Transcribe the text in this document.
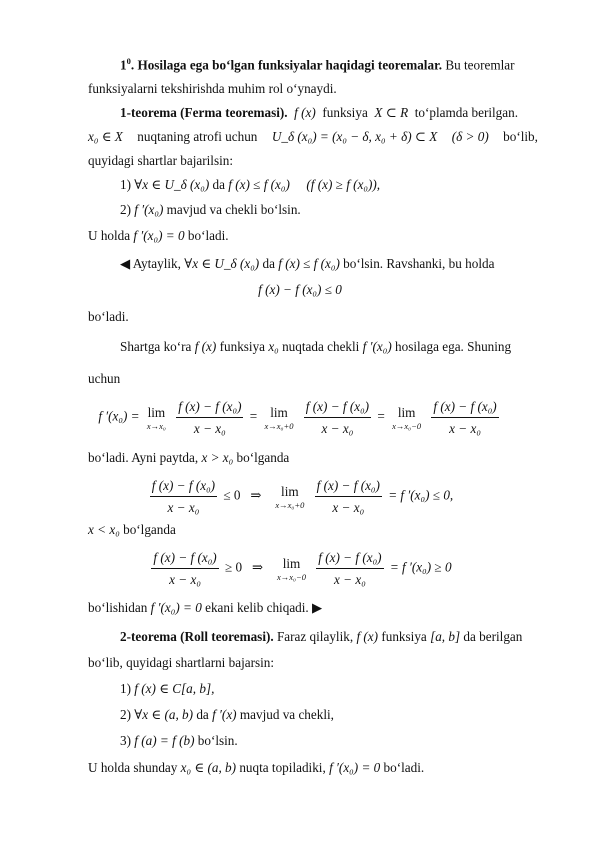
$1^0$. Hosilaga ega bo‘lgan funksiyalar haqidagi teoremalar. Bu teoremlar
funksiyalarni tekshirishda muhim rol o‘ynaydi.
1-teorema (Ferma teoremasi). f (x) funksiya X ⊂ R to‘plamda berilgan.
x₀ ∈ X nuqtaning atrofi uchun U_δ (x₀) = (x₀ − δ, x₀ + δ) ⊂ X (δ > 0) bo‘lib,
quyidagi shartlar bajarilsin:
1) ∀x ∈ U_δ (x₀) da f (x) ≤ f (x₀) (f (x) ≥ f (x₀)),
2) f ′(x₀) mavjud va chekli bo‘lsin.
U holda f ′(x₀) = 0 bo‘ladi.
◀ Aytaylik, ∀x ∈ U_δ (x₀) da f (x) ≤ f (x₀) bo‘lsin. Ravshanki, bu holda
f (x) − f (x₀) ≤ 0
bo‘ladi.
Shartga ko‘ra f (x) funksiya x₀ nuqtada chekli f ′(x₀) hosilaga ega. Shuning
uchun
f ′(x₀) = lim
x→x₀
$\frac{\text{f (x) − f (x₀)}}{\text{x − x₀}} = \lim$
x→x₀+0
$\frac{\text{f (x) − f (x₀)}}{\text{x − x₀}} = \lim$
x→x₀−0
$\frac{\text{f (x) − f (x₀)}}{\text{x − x₀}}$
bo‘ladi. Ayni paytda, x > x₀ bo‘lganda
$\frac{\text{f (x) − f (x₀)}}{\text{x − x₀}} \le 0$ ⇒ lim
x→x₀+0
$\frac{\text{f (x) − f (x₀)}}{\text{x − x₀}} = f$ ′(x₀) ≤ 0,
x < x₀ bo‘lganda
$\frac{\text{f (x) − f (x₀)}}{\text{x − x₀}} \ge 0$ ⇒ lim
x→x₀−0
$\frac{\text{f (x) − f (x₀)}}{\text{x − x₀}} = f$ ′(x₀) ≥ 0
bo‘lishidan f ′(x₀) = 0 ekani kelib chiqadi. ▶
2-teorema (Roll teoremasi). Faraz qilaylik, f (x) funksiya [a, b] da berilgan
bo‘lib, quyidagi shartlarni bajarsin:
1) f (x) ∈ C[a, b],
2) ∀x ∈ (a, b) da f ′(x) mavjud va chekli,
3) f (a) = f (b) bo‘lsin.
U holda shunday x₀ ∈ (a, b) nuqta topiladiki, f ′(x₀) = 0 bo‘ladi.
